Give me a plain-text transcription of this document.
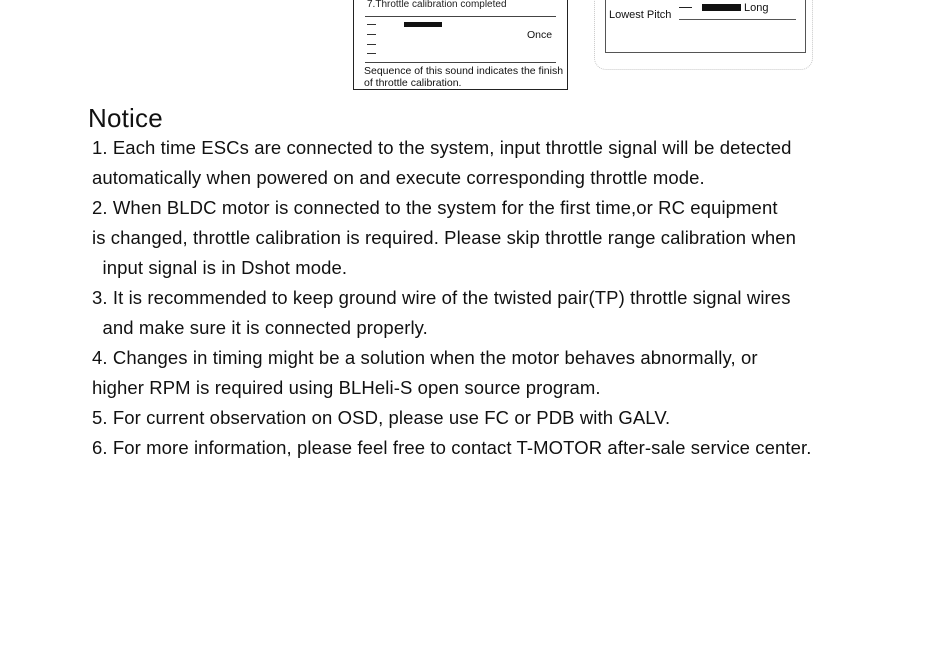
7.Throttle calibration completed
Once
Sequence of this sound indicates the finish of throttle calibration.
Lowest Pitch
Long
Notice
1. Each time ESCs are connected to the system, input throttle signal will be detected
automatically when powered on and execute corresponding throttle mode.
2. When BLDC motor is connected to the system for the first time,or RC equipment
is changed, throttle calibration is required. Please skip throttle range calibration when
input signal is in Dshot mode.
3. It is recommended to keep ground wire of the twisted pair(TP) throttle signal wires
and make sure it is connected properly.
4. Changes in timing might be a solution when the motor behaves abnormally, or
higher RPM is required using BLHeli-S open source program.
5. For current observation on OSD, please use FC or PDB with GALV.
6. For more information, please feel free to contact T-MOTOR after-sale service center.
